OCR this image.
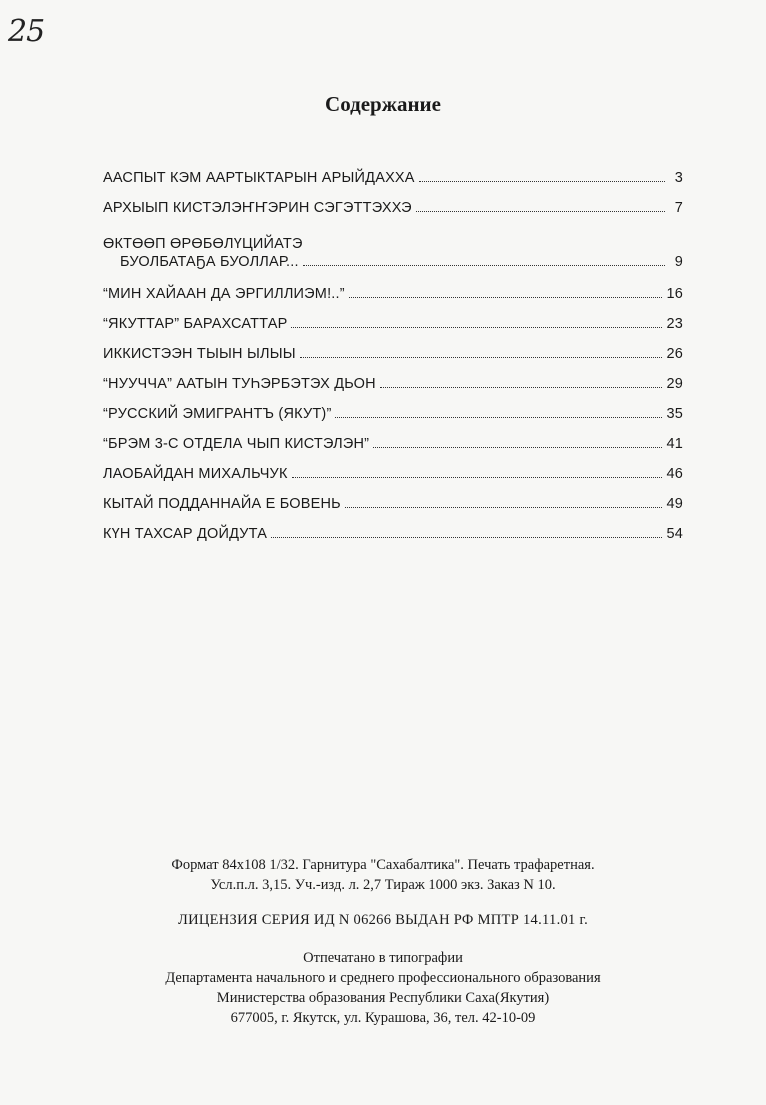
25
Содержание
ААСПЫТ КЭМ ААРТЫКТАРЫН АРЫЙДАХХА	3
АРХЫЫП КИСТЭЛЭҤҤЭРИН СЭГЭТТЭХХЭ	7
ӨКТӨӨП ӨРӨБӨЛҮЦИЙАТЭ
БУОЛБАТАҔА БУОЛЛАР...	9
“МИН ХАЙААН ДА ЭРГИЛЛИЭМ!..”	16
“ЯКУТТАР” БАРАХСАТТАР	23
ИККИСТЭЭН ТЫЫН ЫЛЫЫ	26
“НУУЧЧА” ААТЫН ТУҺЭРБЭТЭХ ДЬОН	29
“РУССКИЙ ЭМИГРАНТЪ (ЯКУТ)”	35
“БРЭМ 3-С ОТДЕЛА ЧЫП КИСТЭЛЭН”	41
ЛАОБАЙДАН МИХАЛЬЧУК	46
КЫТАЙ ПОДДАННАЙА Е БОВЕНЬ	49
КҮН ТАХСАР ДОЙДУТА	54
Формат 84х108 1/32. Гарнитура "Сахабалтика". Печать трафаретная.
Усл.п.л. 3,15. Уч.-изд. л. 2,7 Тираж 1000 экз. Заказ N 10.
ЛИЦЕНЗИЯ СЕРИЯ ИД N 06266 ВЫДАН РФ МПТР 14.11.01 г.
Отпечатано в типографии
Департамента начального и среднего профессионального образования
Министерства образования Республики Саха(Якутия)
677005, г. Якутск, ул. Курашова, 36, тел. 42-10-09
